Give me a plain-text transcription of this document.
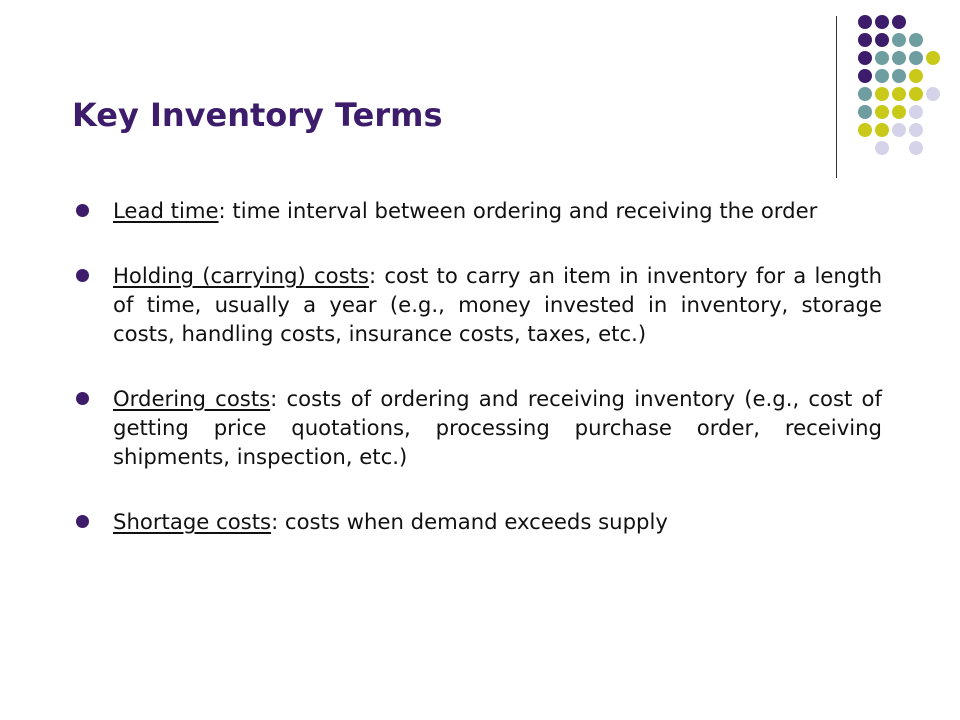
Key Inventory Terms
Lead time: time interval between ordering and receiving the order
Holding (carrying) costs: cost to carry an item in inventory for a length of time, usually a year (e.g., money invested in inventory, storage costs, handling costs, insurance costs, taxes, etc.)
Ordering costs: costs of ordering and receiving inventory (e.g., cost of getting price quotations, processing purchase order, receiving shipments, inspection, etc.)
Shortage costs: costs when demand exceeds supply
